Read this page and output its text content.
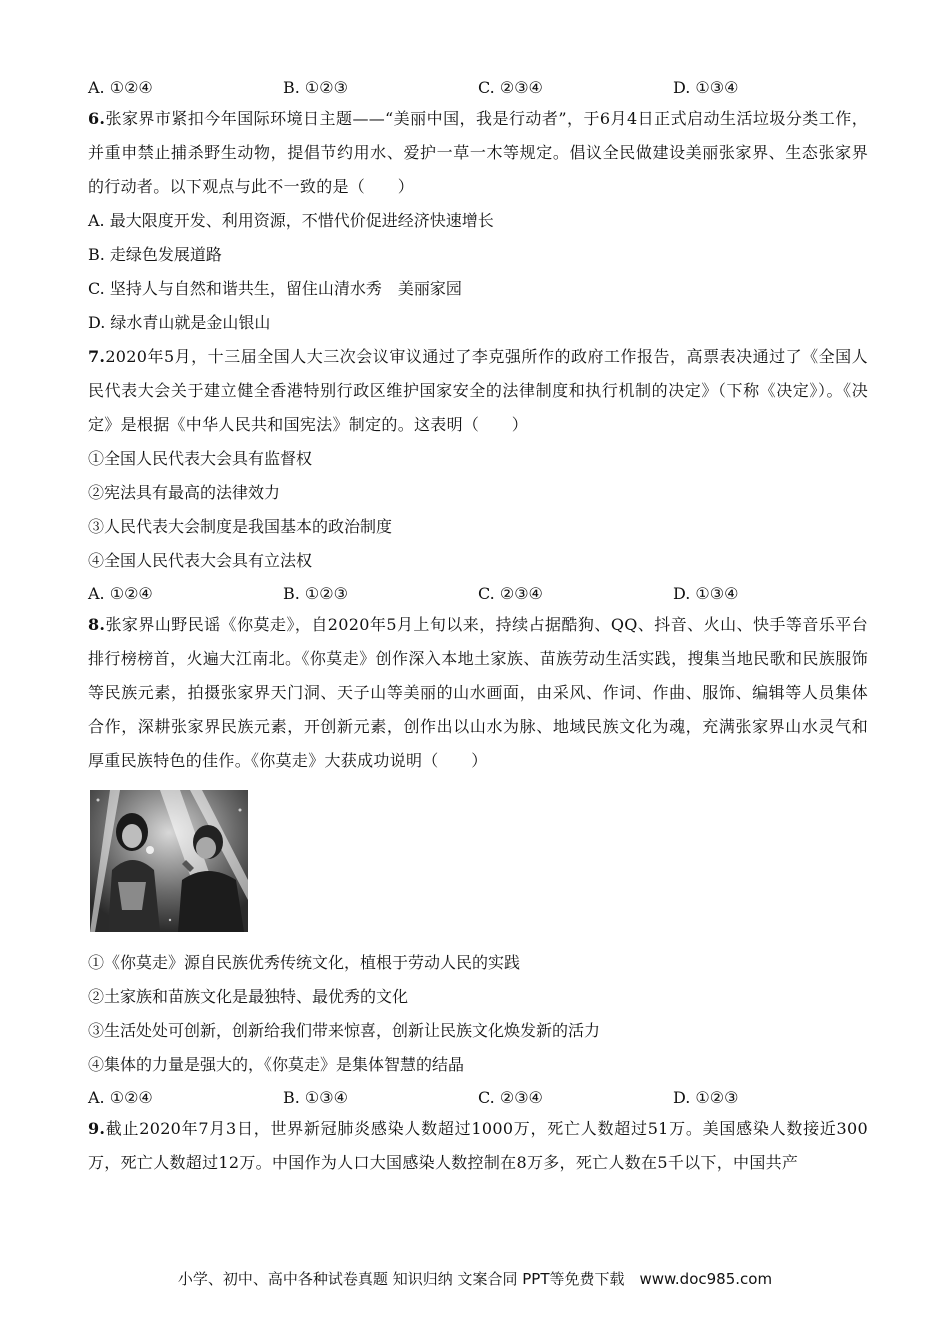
A. ①②④	B. ①②③	C. ②③④	D. ①③④
6.张家界市紧扣今年国际环境日主题——“美丽中国，我是行动者”，于6月4日正式启动生活垃圾分类工作，并重申禁止捕杀野生动物，提倡节约用水、爱护一草一木等规定。倡议全民做建设美丽张家界、生态张家界的行动者。以下观点与此不一致的是（　　）
A. 最大限度开发、利用资源，不惜代价促进经济快速增长
B. 走绿色发展道路
C. 坚持人与自然和谐共生，留住山清水秀　美丽家园
D. 绿水青山就是金山银山
7.2020年5月，十三届全国人大三次会议审议通过了李克强所作的政府工作报告，高票表决通过了《全国人民代表大会关于建立健全香港特别行政区维护国家安全的法律制度和执行机制的决定》（下称《决定》）。《决定》是根据《中华人民共和国宪法》制定的。这表明（　　）
①全国人民代表大会具有监督权
②宪法具有最高的法律效力
③人民代表大会制度是我国基本的政治制度
④全国人民代表大会具有立法权
A. ①②④	B. ①②③	C. ②③④	D. ①③④
8.张家界山野民谣《你莫走》，自2020年5月上旬以来，持续占据酷狗、QQ、抖音、火山、快手等音乐平台排行榜榜首，火遍大江南北。《你莫走》创作深入本地土家族、苗族劳动生活实践，搜集当地民歌和民族服饰等民族元素，拍摄张家界天门洞、天子山等美丽的山水画面，由采风、作词、作曲、服饰、编辑等人员集体合作，深耕张家界民族元素，开创新元素，创作出以山水为脉、地域民族文化为魂，充满张家界山水灵气和厚重民族特色的佳作。《你莫走》大获成功说明（　　）
①《你莫走》源自民族优秀传统文化，植根于劳动人民的实践
②土家族和苗族文化是最独特、最优秀的文化
③生活处处可创新，创新给我们带来惊喜，创新让民族文化焕发新的活力
④集体的力量是强大的，《你莫走》是集体智慧的结晶
A. ①②④	B. ①③④	C. ②③④	D. ①②③
9.截止2020年7月3日，世界新冠肺炎感染人数超过1000万，死亡人数超过51万。美国感染人数接近300万，死亡人数超过12万。中国作为人口大国感染人数控制在8万多，死亡人数在5千以下，中国共产
小学、初中、高中各种试卷真题 知识归纳 文案合同 PPT等免费下载　www.doc985.com
